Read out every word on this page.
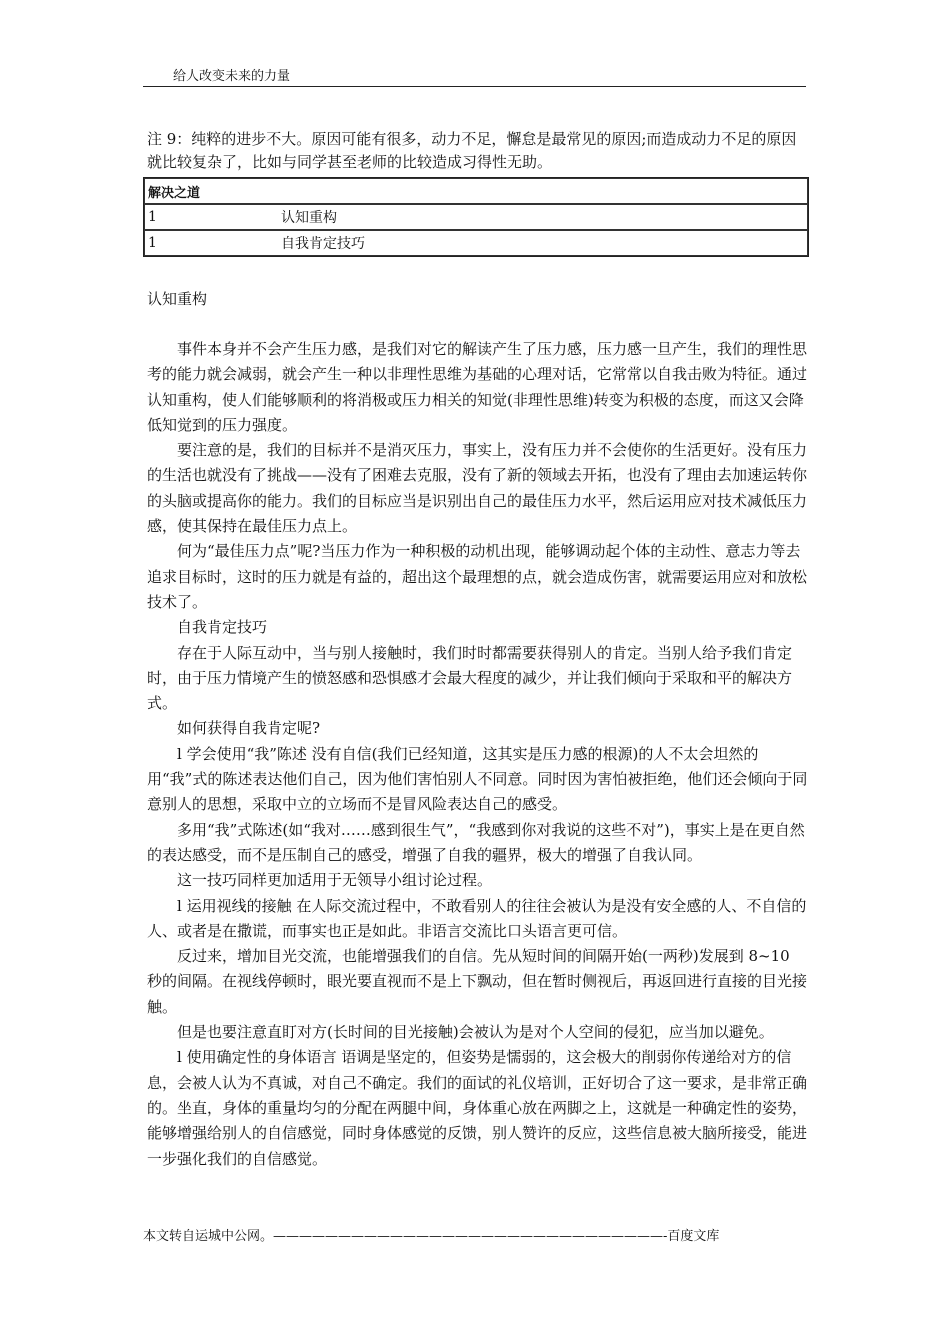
给人改变未来的力量

注 9：纯粹的进步不大。原因可能有很多，动力不足，懈怠是最常见的原因;而造成动力不足的原因就比较复杂了，比如与同学甚至老师的比较造成习得性无助。

解决之道	
1	认知重构
1	自我肯定技巧
认知重构

事件本身并不会产生压力感，是我们对它的解读产生了压力感，压力感一旦产生，我们的理性思考的能力就会减弱，就会产生一种以非理性思维为基础的心理对话，它常常以自我击败为特征。通过认知重构，使人们能够顺利的将消极或压力相关的知觉(非理性思维)转变为积极的态度，而这又会降低知觉到的压力强度。

要注意的是，我们的目标并不是消灭压力，事实上，没有压力并不会使你的生活更好。没有压力的生活也就没有了挑战——没有了困难去克服，没有了新的领域去开拓，也没有了理由去加速运转你的头脑或提高你的能力。我们的目标应当是识别出自己的最佳压力水平，然后运用应对技术减低压力感，使其保持在最佳压力点上。

何为“最佳压力点”呢?当压力作为一种积极的动机出现，能够调动起个体的主动性、意志力等去追求目标时，这时的压力就是有益的，超出这个最理想的点，就会造成伤害，就需要运用应对和放松技术了。

自我肯定技巧

存在于人际互动中，当与别人接触时，我们时时都需要获得别人的肯定。当别人给予我们肯定时，由于压力情境产生的愤怒感和恐惧感才会最大程度的减少，并让我们倾向于采取和平的解决方式。

如何获得自我肯定呢?

l 学会使用“我”陈述 没有自信(我们已经知道，这其实是压力感的根源)的人不太会坦然的用“我”式的陈述表达他们自己，因为他们害怕别人不同意。同时因为害怕被拒绝，他们还会倾向于同意别人的思想，采取中立的立场而不是冒风险表达自己的感受。

多用“我”式陈述(如“我对……感到很生气”，“我感到你对我说的这些不对”)，事实上是在更自然的表达感受，而不是压制自己的感受，增强了自我的疆界，极大的增强了自我认同。

这一技巧同样更加适用于无领导小组讨论过程。

l 运用视线的接触 在人际交流过程中，不敢看别人的往往会被认为是没有安全感的人、不自信的人、或者是在撒谎，而事实也正是如此。非语言交流比口头语言更可信。

反过来，增加目光交流，也能增强我们的自信。先从短时间的间隔开始(一两秒)发展到 8~10 秒的间隔。在视线停顿时，眼光要直视而不是上下飘动，但在暂时侧视后，再返回进行直接的目光接触。

但是也要注意直盯对方(长时间的目光接触)会被认为是对个人空间的侵犯，应当加以避免。

l 使用确定性的身体语言 语调是坚定的，但姿势是懦弱的，这会极大的削弱你传递给对方的信息，会被人认为不真诚，对自己不确定。我们的面试的礼仪培训，正好切合了这一要求，是非常正确的。坐直，身体的重量均匀的分配在两腿中间，身体重心放在两脚之上，这就是一种确定性的姿势，能够增强给别人的自信感觉，同时身体感觉的反馈，别人赞许的反应，这些信息被大脑所接受，能进一步强化我们的自信感觉。

本文转自运城中公网。——————————————————————————————-百度文库
